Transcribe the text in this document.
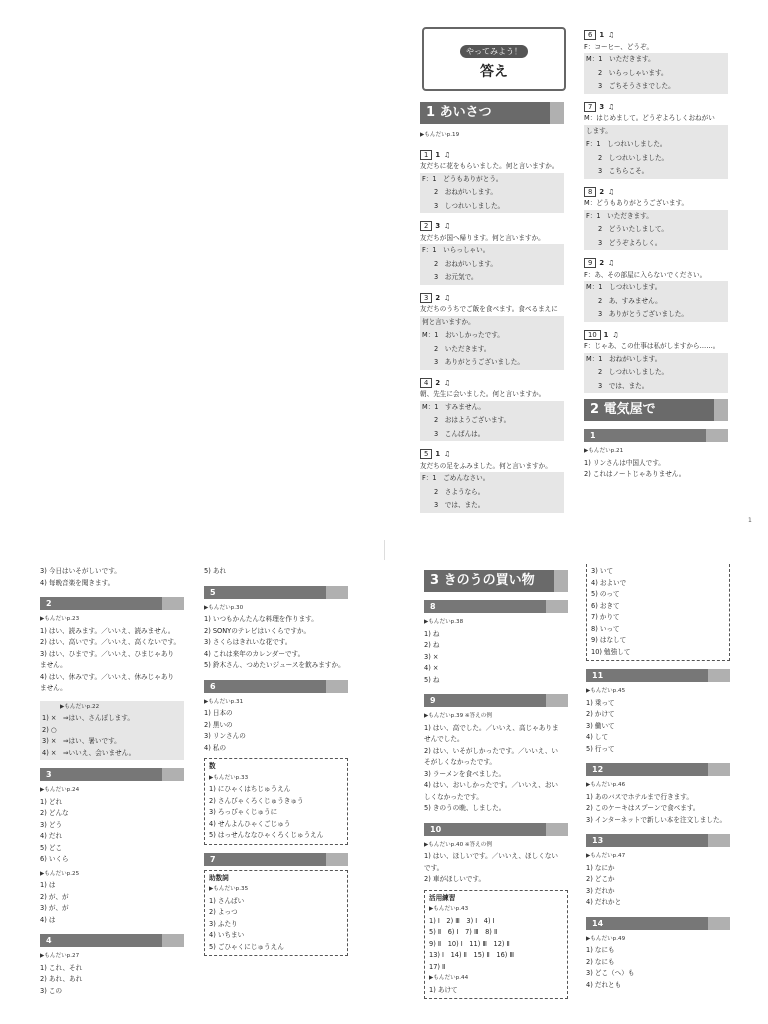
やってみよう！
答え
1 あいさつ
▶もんだいp.19
1 1 ♫
友だちに花をもらいました。何と言いますか。
F：1　どうもありがとう。
2　おねがいします。
3　しつれいしました。
2 3 ♫
友だちが国へ帰ります。何と言いますか。
F：1　いらっしゃい。
2　おねがいします。
3　お元気で。
3 2 ♫
友だちのうちでご飯を食べます。食べるまえに
何と言いますか。
M：1　おいしかったです。
2　いただきます。
3　ありがとうございました。
4 2 ♫
朝、先生に会いました。何と言いますか。
M：1　すみません。
2　おはようございます。
3　こんばんは。
5 1 ♫
友だちの足をふみました。何と言いますか。
F：1　ごめんなさい。
2　さようなら。
3　では、また。
6 1 ♫
F：コーヒー、どうぞ。
M：1　いただきます。
2　いらっしゃいます。
3　ごちそうさまでした。
7 3 ♫
M：はじめまして。どうぞよろしくおねがい
します。
F：1　しつれいしました。
2　しつれいしました。
3　こちらこそ。
8 2 ♫
M：どうもありがとうございます。
F：1　いただきます。
2　どういたしまして。
3　どうぞよろしく。
9 2 ♫
F：あ、その部屋に入らないでください。
M：1　しつれいします。
2　あ、すみません。
3　ありがとうございました。
10 1 ♫
F：じゃあ、この仕事は私がしますから……。
M：1　おねがいします。
2　しつれいしました。
3　では、また。
2 電気屋で
1
▶もんだいp.21
1) リンさんは中国人です。
2) これはノートじゃありません。
1
3) 今日はいそがしいです。
4) 每晩音楽を聞きます。
2
▶もんだいp.23
1) はい、読みます。／いいえ、読みません。
2) はい、高いです。／いいえ、高くないです。
3) はい、ひまです。／いいえ、ひまじゃあり
ません。
4) はい、休みです。／いいえ、休みじゃあり
ません。
▶もんだいp.22
1) ×　⇒はい、さんぽします。
2) ○
3) ×　⇒はい、暑いです。
4) ×　⇒いいえ、会いません。
3
▶もんだいp.24
1) どれ
2) どんな
3) どう
4) だれ
5) どこ
6) いくら
▶もんだいp.25
1) は
2) が、が
3) が、が
4) は
4
▶もんだいp.27
1) これ、それ
2) あれ、あれ
3) この
5) あれ
5
▶もんだいp.30
1) いつもかんたんな料理を作ります。
2) SONYのテレビはいくらですか。
3) さくらはきれいな花です。
4) これは来年のカレンダーです。
5) 鈴木さん、つめたいジュースを飲みますか。
6
▶もんだいp.31
1) 日本の
2) 黒いの
3) リンさんの
4) 私の
数
▶もんだいp.33
1) にひゃくはちじゅうえん
2) さんびゃくろくじゅうきゅう
3) ろっぴゃくじゅうに
4) せんよんひゃくごじゅう
5) はっせんななひゃくろくじゅうえん
7
助数詞
▶もんだいp.35
1) さんばい
2) よっつ
3) ふたり
4) いちまい
5) ごひゃくにじゅうえん
3 きのうの買い物
8
▶もんだいp.38
1) ね
2) ね
3) ×
4) ×
5) ね
9
▶もんだいp.39 ※答えの例
1) はい、高でした。／いいえ、高じゃありま
せんでした。
2) はい、いそがしかったです。／いいえ、い
そがしくなかったです。
3) ラーメンを食べました。
4) はい、おいしかったです。／いいえ、おい
しくなかったです。
5) きのうの晩、しました。
10
▶もんだいp.40 ※答えの例
1) はい、ほしいです。／いいえ、ほしくない
です。
2) 車がほしいです。
活用練習
▶もんだいp.43
1) Ⅰ　2) Ⅲ　3) Ⅰ　4) Ⅰ
5) Ⅱ　6) Ⅰ　7) Ⅲ　8) Ⅱ
9) Ⅱ　10) Ⅰ　11) Ⅲ　12) Ⅱ
13) Ⅰ　14) Ⅱ　15) Ⅱ　16) Ⅲ
17) Ⅱ
▶もんだいp.44
1) あけて
3) いて
4) およいで
5) のって
6) おきて
7) かりて
8) いって
9) はなして
10) 勉強して
11
▶もんだいp.45
1) 乗って
2) かけて
3) 働いて
4) して
5) 行って
12
▶もんだいp.46
1) あのバスでホテルまで行きます。
2) このケーキはスプーンで食べます。
3) インターネットで新しい本を注文しました。
13
▶もんだいp.47
1) なにか
2) どこか
3) だれか
4) だれかと
14
▶もんだいp.49
1) なにも
2) なにも
3) どこ（へ）も
4) だれとも
